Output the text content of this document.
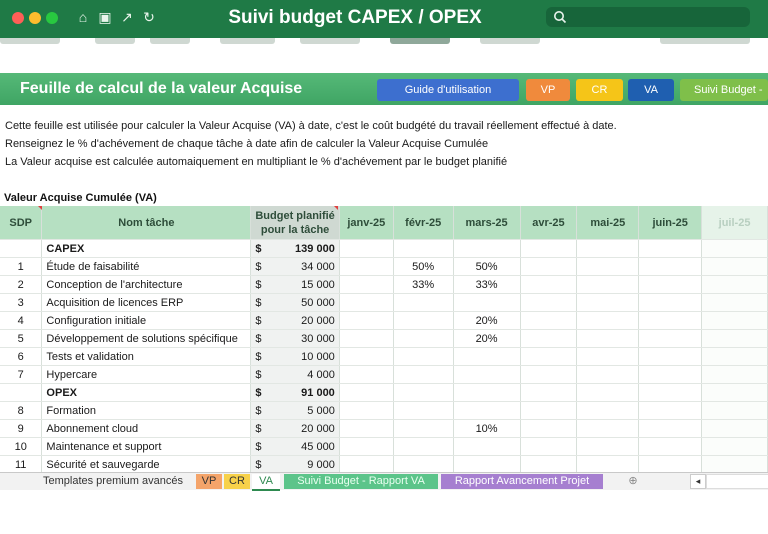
⌂ ▣ ↗ ↻	Suivi budget CAPEX / OPEX
Feuille de calcul de la valeur Acquise	Guide d'utilisation	VP	CR	VA	Suivi Budget -
Cette feuille est utilisée pour calculer la Valeur Acquise (VA) à date, c'est le coût budgété du travail réellement effectué à date.
Renseignez le % d'achévement de chaque tâche à date afin de calculer la Valeur Acquise Cumulée
La Valeur acquise est calculée automaiquement en multipliant le % d'achévement par le budget planifié
Valeur Acquise Cumulée (VA)
SDP	Nom tâche	Budget planifié
pour la tâche		janv-25	févr-25	mars-25	avr-25	mai-25	juin-25	juil-25
	CAPEX	$	139 000							
1	Étude de faisabilité	$	34 000		50%	50%				
2	Conception de l'architecture	$	15 000		33%	33%				
3	Acquisition de licences ERP	$	50 000							
4	Configuration initiale	$	20 000			20%				
5	Développement de solutions spécifique	$	30 000			20%				
6	Tests et validation	$	10 000							
7	Hypercare	$	4 000							
	OPEX	$	91 000							
8	Formation	$	5 000							
9	Abonnement cloud	$	20 000			10%				
10	Maintenance et support	$	45 000							
11	Sécurité et sauvegarde	$	9 000							
Templates premium avancés	VP	CR	VA	Suivi Budget - Rapport VA	Rapport Avancement Projet	⊕	◂
